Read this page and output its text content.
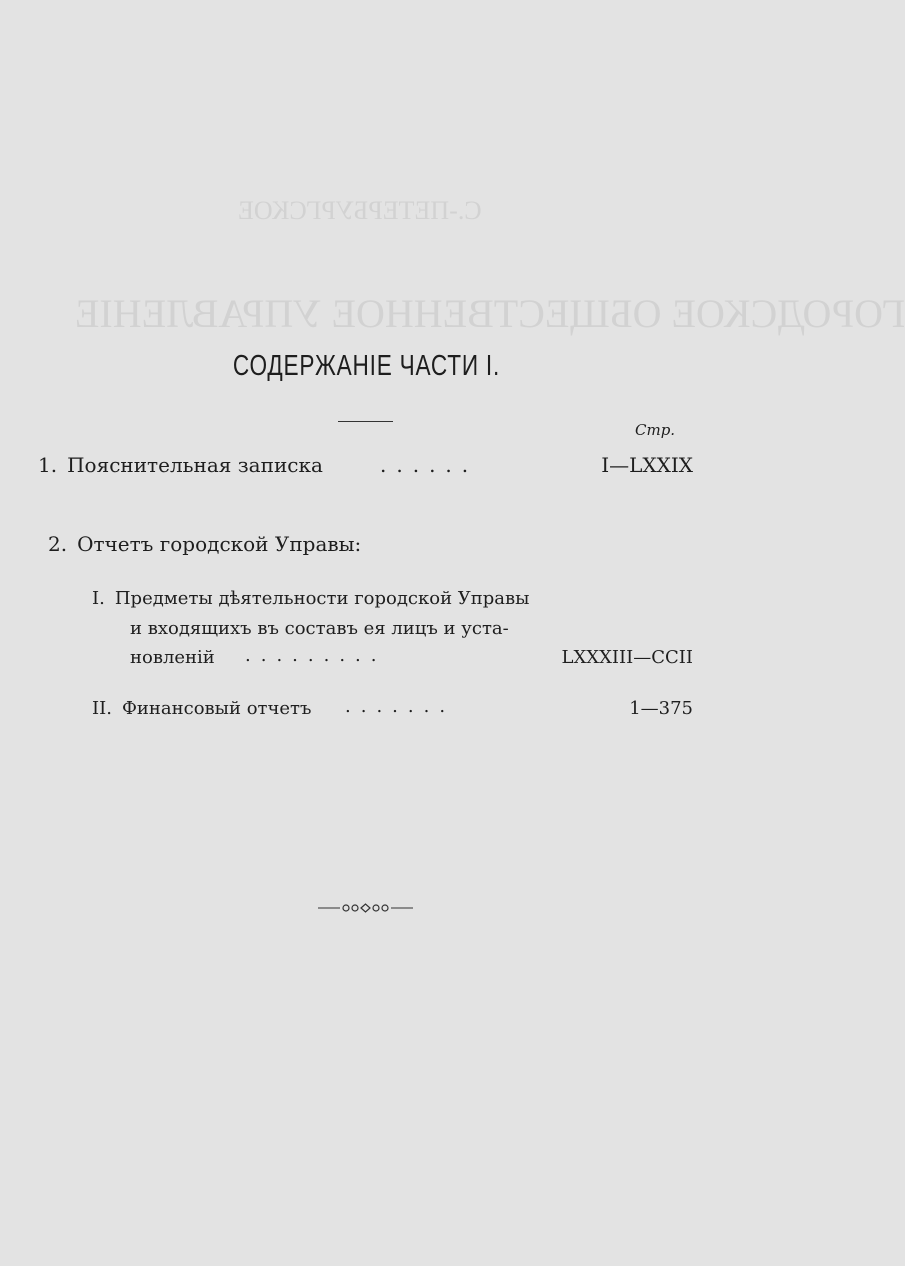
С.-ПЕТЕРБУРГСКОЕ
ГОРОДСКОЕ ОБЩЕСТВЕННОЕ УПРАВЛЕНІЕ
СОДЕРЖАНІЕ ЧАСТИ I.
Стр.
1. Пояснительная записка	......	I—LXXIX
2. Отчетъ городской Управы:
I. Предметы дѣятельности городской Управы
и входящихъ въ составъ ея лицъ и уста-
новленій .........	LXXXIII—CCII
II. Финансовый отчетъ .......	1—375
